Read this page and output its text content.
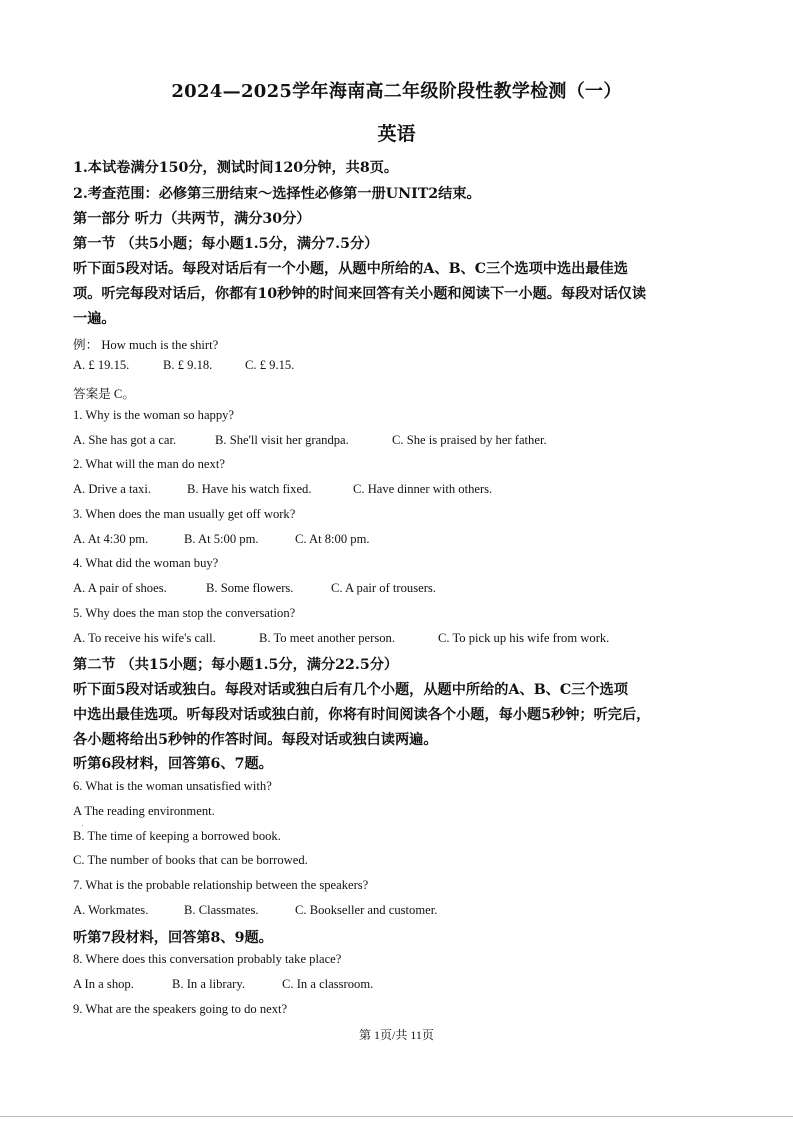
2024—2025学年海南高二年级阶段性教学检测（一）
英语
1.本试卷满分150分，测试时间120分钟，共8页。
2.考查范围：必修第三册结束～选择性必修第一册UNIT2结束。
第一部分 听力（共两节，满分30分）
第一节 （共5小题；每小题1.5分，满分7.5分）
听下面5段对话。每段对话后有一个小题，从题中所给的A、B、C三个选项中选出最佳选
项。听完每段对话后，你都有10秒钟的时间来回答有关小题和阅读下一小题。每段对话仅读
一遍。
例： How much is the shirt?
A. £ 19.15.	B. £ 9.18.	C. £ 9.15.
答案是 C。
1. Why is the woman so happy?
A. She has got a car.	B. She'll visit her grandpa.	C. She is praised by her father.
2. What will the man do next?
A. Drive a taxi.	B. Have his watch fixed.	C. Have dinner with others.
3. When does the man usually get off work?
A. At 4:30 pm.	B. At 5:00 pm.	C. At 8:00 pm.
4. What did the woman buy?
A. A pair of shoes.	B. Some flowers.	C. A pair of trousers.
5. Why does the man stop the conversation?
A. To receive his wife's call.	B. To meet another person.	C. To pick up his wife from work.
第二节 （共15小题；每小题1.5分，满分22.5分）
听下面5段对话或独白。每段对话或独白后有几个小题，从题中所给的A、B、C三个选项
中选出最佳选项。听每段对话或独白前，你将有时间阅读各个小题，每小题5秒钟；听完后，
各小题将给出5秒钟的作答时间。每段对话或独白读两遍。
听第6段材料，回答第6、7题。
6. What is the woman unsatisfied with?
A The reading environment.
B. The time of keeping a borrowed book.
C. The number of books that can be borrowed.
7. What is the probable relationship between the speakers?
A. Workmates.	B. Classmates.	C. Bookseller and customer.
听第7段材料，回答第8、9题。
8. Where does this conversation probably take place?
A In a shop.	B. In a library.	C. In a classroom.
9. What are the speakers going to do next?
第 1页/共 11页
